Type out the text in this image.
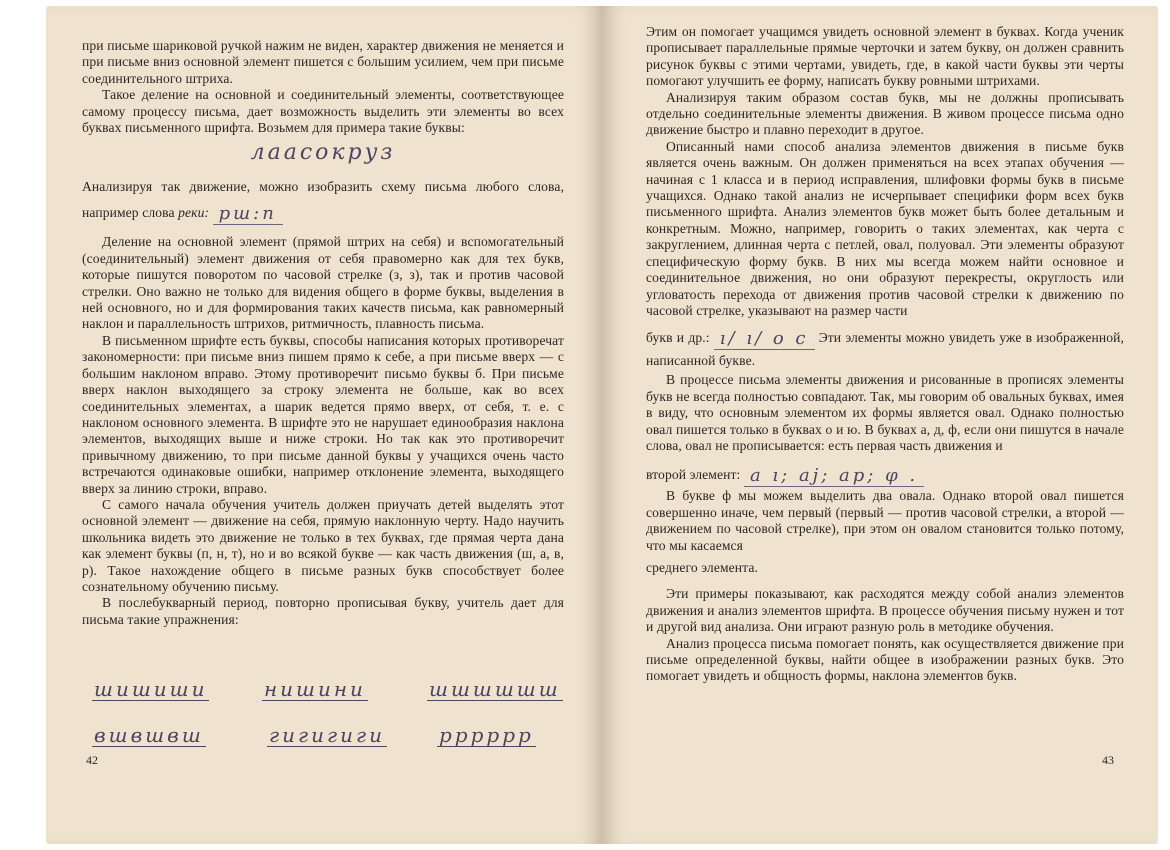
при письме шариковой ручкой нажим не виден, характер движения не меняется и при письме вниз основной элемент пишется с большим усилием, чем при письме соединительного штриха.

Такое деление на основной и соединительный элементы, соответствующее самому процессу письма, дает возможность выделить эти элементы во всех буквах письменного шрифта. Возьмем для примера такие буквы:

лаасокруз

Анализируя так движение, можно изобразить схему письма любого слова, например слова реки: рш:п

Деление на основной элемент (прямой штрих на себя) и вспомогательный (соединительный) элемент движения от себя правомерно как для тех букв, которые пишутся поворотом по часовой стрелке (з, з), так и против часовой стрелки. Оно важно не только для видения общего в форме буквы, выделения в ней основного, но и для формирования таких качеств письма, как равномерный наклон и параллельность штрихов, ритмичность, плавность письма.

В письменном шрифте есть буквы, способы написания которых противоречат закономерности: при письме вниз пишем прямо к себе, а при письме вверх — с большим наклоном вправо. Этому противоречит письмо буквы б. При письме вверх наклон выходящего за строку элемента не больше, как во всех соединительных элементах, а шарик ведется прямо вверх, от себя, т. е. с наклоном основного элемента. В шрифте это не нарушает единообразия наклона элементов, выходящих выше и ниже строки. Но так как это противоречит привычному движению, то при письме данной буквы у учащихся очень часто встречаются одинаковые ошибки, например отклонение элемента, выходящего вверх за линию строки, вправо.

С самого начала обучения учитель должен приучать детей выделять этот основной элемент — движение на себя, прямую наклонную черту. Надо научить школьника видеть это движение не только в тех буквах, где прямая черта дана как элемент буквы (п, н, т), но и во всякой букве — как часть движения (ш, а, в, р). Такое нахождение общего в письме разных букв способствует более сознательному обучению письму.

В послебукварный период, повторно прописывая букву, учитель дает для письма такие упражнения:

шишиши	нишини	шшшшшш
вшвшвш	гигигиги	рррррр
42

Этим он помогает учащимся увидеть основной элемент в буквах. Когда ученик прописывает параллельные прямые черточки и затем букву, он должен сравнить рисунок буквы с этими чертами, увидеть, где, в какой части буквы эти черты помогают улучшить ее форму, написать букву ровными штрихами.

Анализируя таким образом состав букв, мы не должны прописывать отдельно соединительные элементы движения. В живом процессе письма одно движение быстро и плавно переходит в другое.

Описанный нами способ анализа элементов движения в письме букв является очень важным. Он должен применяться на всех этапах обучения — начиная с 1 класса и в период исправления, шлифовки формы букв в письме учащихся. Однако такой анализ не исчерпывает специфики форм всех букв письменного шрифта. Анализ элементов букв может быть более детальным и конкретным. Можно, например, говорить о таких элементах, как черта с закруглением, длинная черта с петлей, овал, полуовал. Эти элементы образуют специфическую форму букв. В них мы всегда можем найти основное и соединительное движения, но они образуют перекресты, округлость или угловатость перехода от движения против часовой стрелки к движению по часовой стрелке, указывают на размер части

букв и др.: ı/ ı/ o c Эти элементы можно увидеть уже в изображенной, написанной букве.

В процессе письма элементы движения и рисованные в прописях элементы букв не всегда полностью совпадают. Так, мы говорим об овальных буквах, имея в виду, что основным элементом их формы является овал. Однако полностью овал пишется только в буквах о и ю. В буквах а, д, ф, если они пишутся в начале слова, овал не прописывается: есть первая часть движения и

второй элемент: a ı; aj; ap; φ .

В букве ф мы можем выделить два овала. Однако второй овал пишется совершенно иначе, чем первый (первый — против часовой стрелки, а второй — движением по часовой стрелке), при этом он овалом становится только потому, что мы касаемся

среднего элемента.

Эти примеры показывают, как расходятся между собой анализ элементов движения и анализ элементов шрифта. В процессе обучения письму нужен и тот и другой вид анализа. Они играют разную роль в методике обучения.

Анализ процесса письма помогает понять, как осуществляется движение при письме определенной буквы, найти общее в изображении разных букв. Это помогает увидеть и общность формы, наклона элементов букв.

43
